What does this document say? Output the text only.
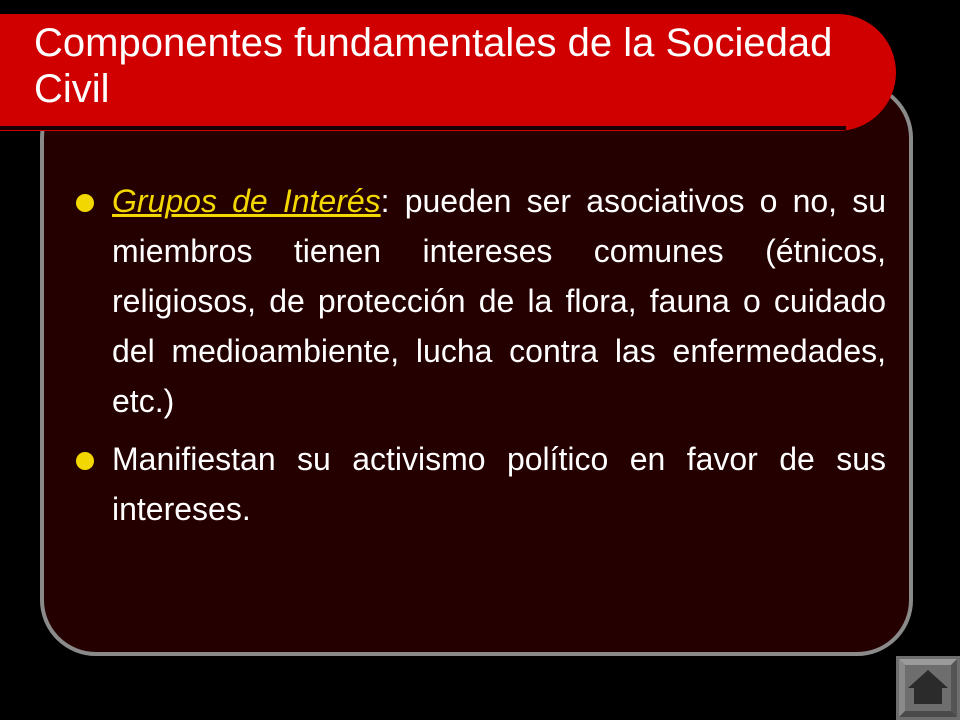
Componentes fundamentales de la Sociedad Civil
Grupos de Interés: pueden ser asociativos o no, su miembros tienen intereses comunes (étnicos, religiosos, de protección de la flora, fauna o cuidado del medioambiente, lucha contra las enfermedades, etc.)
Manifiestan su activismo político en favor de sus intereses.
